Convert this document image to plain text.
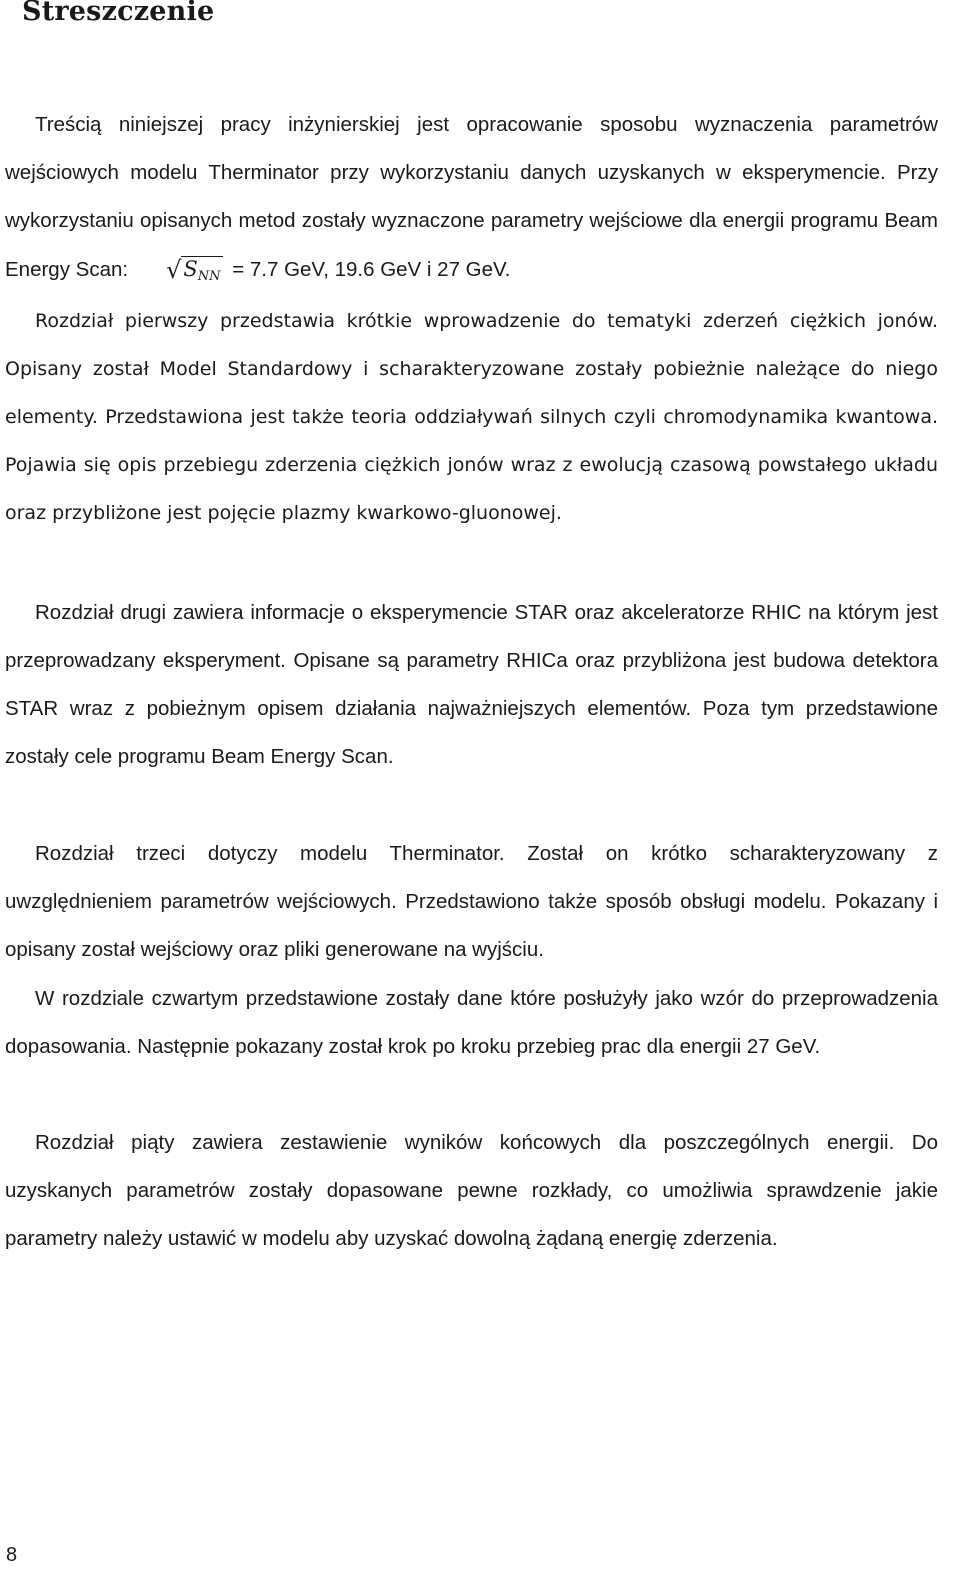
Streszczenie

Treścią niniejszej pracy inżynierskiej jest opracowanie sposobu wyznaczenia parametrów wejściowych modelu Therminator przy wykorzystaniu danych uzyskanych w eksperymencie. Przy wykorzystaniu opisanych metod zostały wyznaczone parametry wejściowe dla energii programu Beam Energy Scan: $√S_{NN} = 7.7$ GeV, 19.6 GeV i 27 GeV.

Rozdział pierwszy przedstawia krótkie wprowadzenie do tematyki zderzeń ciężkich jonów. Opisany został Model Standardowy i scharakteryzowane zostały pobieżnie należące do niego elementy. Przedstawiona jest także teoria oddziaływań silnych czyli chromodynamika kwantowa. Pojawia się opis przebiegu zderzenia ciężkich jonów wraz z ewolucją czasową powstałego układu oraz przybliżone jest pojęcie plazmy kwarkowo-gluonowej.

Rozdział drugi zawiera informacje o eksperymencie STAR oraz akceleratorze RHIC na którym jest przeprowadzany eksperyment. Opisane są parametry RHICa oraz przybliżona jest budowa detektora STAR wraz z pobieżnym opisem działania najważniejszych elementów. Poza tym przedstawione zostały cele programu Beam Energy Scan.

Rozdział trzeci dotyczy modelu Therminator. Został on krótko scharakteryzowany z uwzględnieniem parametrów wejściowych. Przedstawiono także sposób obsługi modelu. Pokazany i opisany został wejściowy oraz pliki generowane na wyjściu.

W rozdziale czwartym przedstawione zostały dane które posłużyły jako wzór do przeprowadzenia dopasowania. Następnie pokazany został krok po kroku przebieg prac dla energii 27 GeV.

Rozdział piąty zawiera zestawienie wyników końcowych dla poszczególnych energii. Do uzyskanych parametrów zostały dopasowane pewne rozkłady, co umożliwia sprawdzenie jakie parametry należy ustawić w modelu aby uzyskać dowolną żądaną energię zderzenia.

8
